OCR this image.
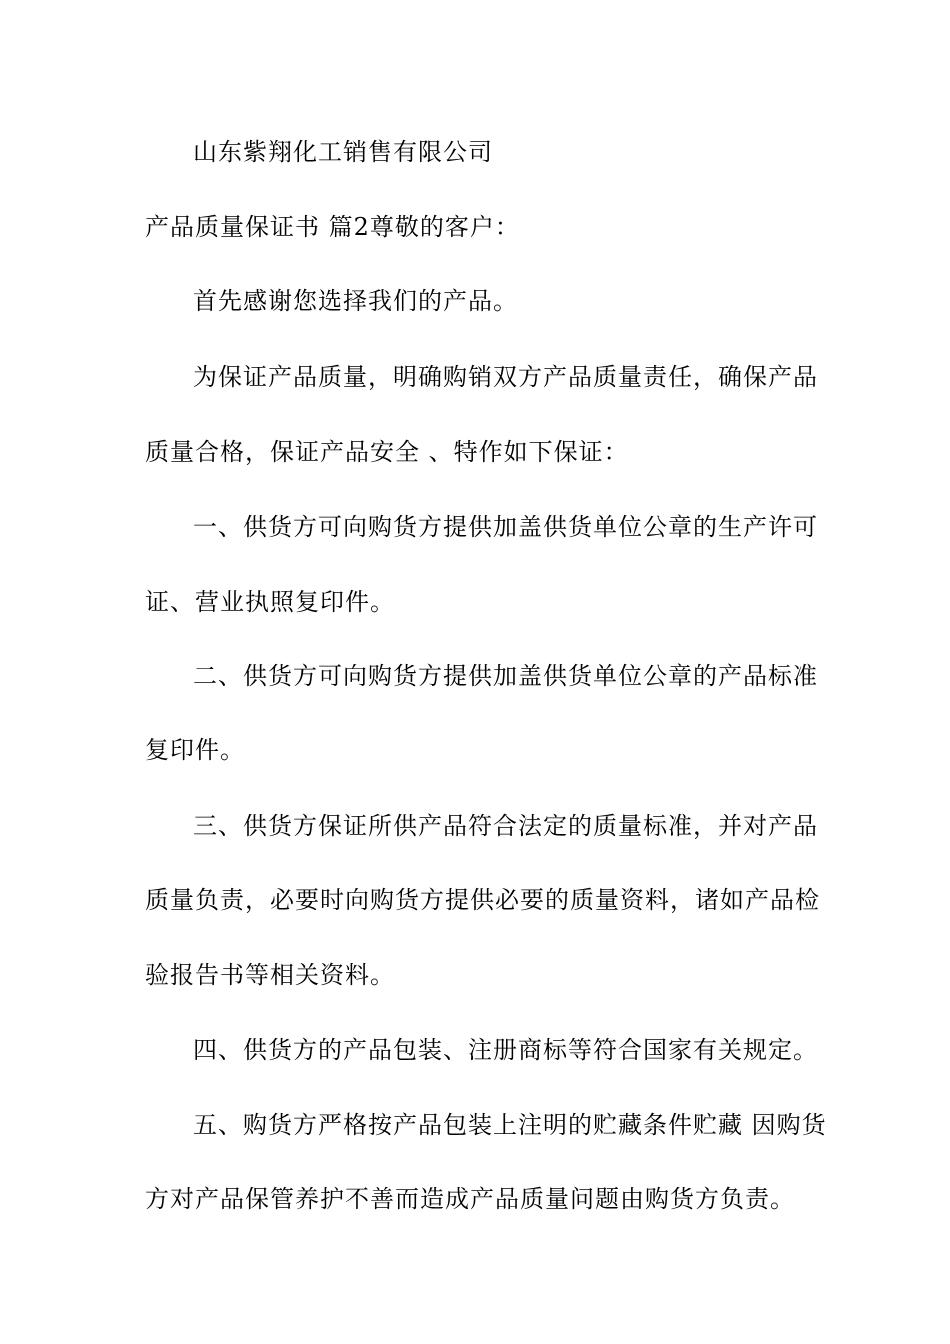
山东紫翔化工销售有限公司
产品质量保证书 篇2尊敬的客户：
首先感谢您选择我们的产品。
为保证产品质量，明确购销双方产品质量责任，确保产品
质量合格，保证产品安全 、特作如下保证：
一、供货方可向购货方提供加盖供货单位公章的生产许可
证、营业执照复印件。
二、供货方可向购货方提供加盖供货单位公章的产品标准
复印件。
三、供货方保证所供产品符合法定的质量标准，并对产品
质量负责，必要时向购货方提供必要的质量资料，诸如产品检
验报告书等相关资料。
四、供货方的产品包装、注册商标等符合国家有关规定。
五、购货方严格按产品包装上注明的贮藏条件贮藏 因购货
方对产品保管养护不善而造成产品质量问题由购货方负责。
